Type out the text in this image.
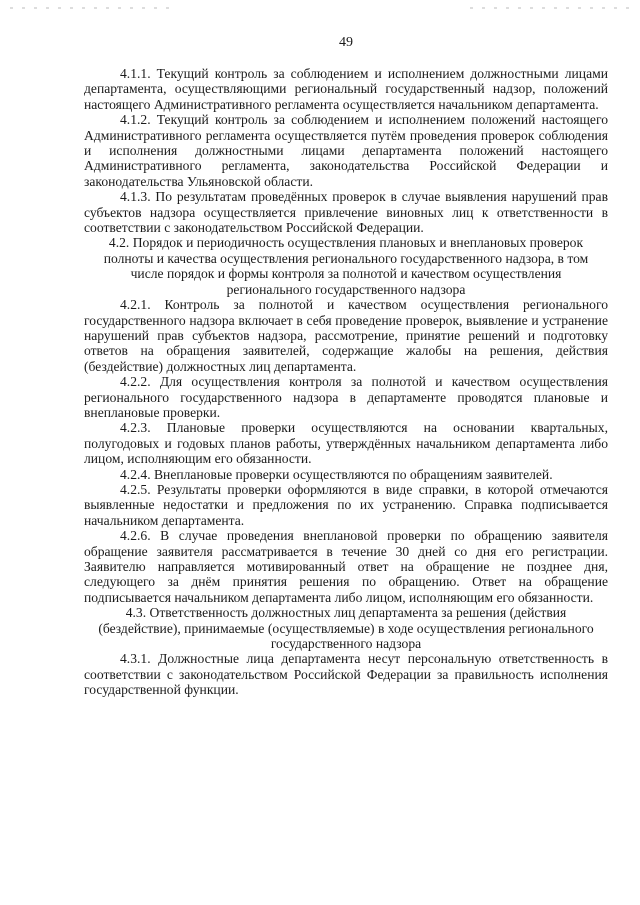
49

4.1.1. Текущий контроль за соблюдением и исполнением должностными лицами департамента, осуществляющими региональный государственный надзор, положений настоящего Административного регламента осуществляется начальником департамента.

4.1.2. Текущий контроль за соблюдением и исполнением положений настоящего Административного регламента осуществляется путём проведения проверок соблюдения и исполнения должностными лицами департамента положений настоящего Административного регламента, законодательства Российской Федерации и законодательства Ульяновской области.

4.1.3. По результатам проведённых проверок в случае выявления нарушений прав субъектов надзора осуществляется привлечение виновных лиц к ответственности в соответствии с законодательством Российской Федерации.

4.2. Порядок и периодичность осуществления плановых и внеплановых проверок полноты и качества осуществления регионального государственного надзора, в том числе порядок и формы контроля за полнотой и качеством осуществления регионального государственного надзора

4.2.1. Контроль за полнотой и качеством осуществления регионального государственного надзора включает в себя проведение проверок, выявление и устранение нарушений прав субъектов надзора, рассмотрение, принятие решений и подготовку ответов на обращения заявителей, содержащие жалобы на решения, действия (бездействие) должностных лиц департамента.

4.2.2. Для осуществления контроля за полнотой и качеством осуществления регионального государственного надзора в департаменте проводятся плановые и внеплановые проверки.

4.2.3. Плановые проверки осуществляются на основании квартальных, полугодовых и годовых планов работы, утверждённых начальником департамента либо лицом, исполняющим его обязанности.

4.2.4. Внеплановые проверки осуществляются по обращениям заявителей.

4.2.5. Результаты проверки оформляются в виде справки, в которой отмечаются выявленные недостатки и предложения по их устранению. Справка подписывается начальником департамента.

4.2.6. В случае проведения внеплановой проверки по обращению заявителя обращение заявителя рассматривается в течение 30 дней со дня его регистрации. Заявителю направляется мотивированный ответ на обращение не позднее дня, следующего за днём принятия решения по обращению. Ответ на обращение подписывается начальником департамента либо лицом, исполняющим его обязанности.

4.3. Ответственность должностных лиц департамента за решения (действия (бездействие), принимаемые (осуществляемые) в ходе осуществления регионального государственного надзора

4.3.1. Должностные лица департамента несут персональную ответственность в соответствии с законодательством Российской Федерации за правильность исполнения государственной функции.
